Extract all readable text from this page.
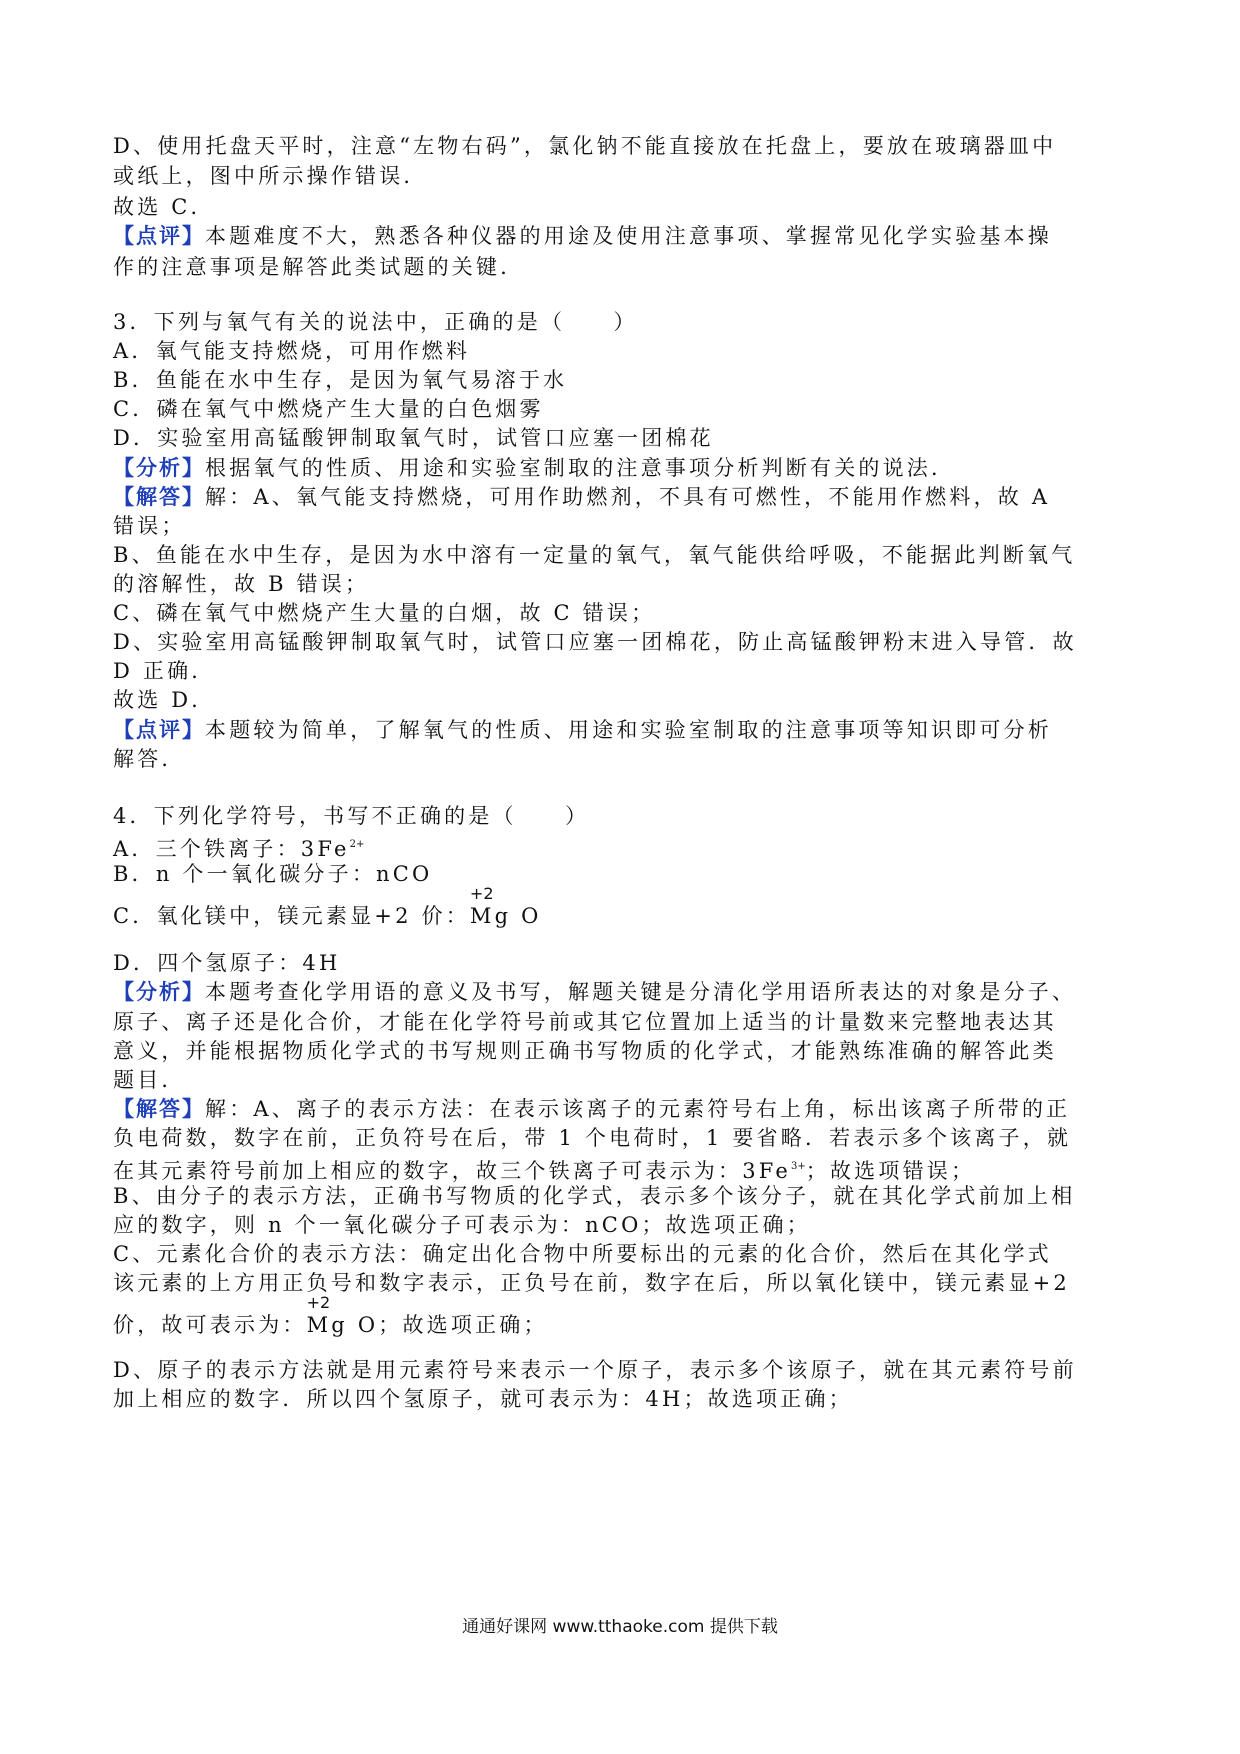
D、使用托盘天平时，注意“左物右码”，氯化钠不能直接放在托盘上，要放在玻璃器皿中
或纸上，图中所示操作错误．
故选 C．
【点评】本题难度不大，熟悉各种仪器的用途及使用注意事项、掌握常见化学实验基本操
作的注意事项是解答此类试题的关键．
3．下列与氧气有关的说法中，正确的是（　　）
A．氧气能支持燃烧，可用作燃料
B．鱼能在水中生存，是因为氧气易溶于水
C．磷在氧气中燃烧产生大量的白色烟雾
D．实验室用高锰酸钾制取氧气时，试管口应塞一团棉花
【分析】根据氧气的性质、用途和实验室制取的注意事项分析判断有关的说法．
【解答】解：A、氧气能支持燃烧，可用作助燃剂，不具有可燃性，不能用作燃料，故 A
错误；
B、鱼能在水中生存，是因为水中溶有一定量的氧气，氧气能供给呼吸，不能据此判断氧气
的溶解性，故 B 错误；
C、磷在氧气中燃烧产生大量的白烟，故 C 错误；
D、实验室用高锰酸钾制取氧气时，试管口应塞一团棉花，防止高锰酸钾粉末进入导管．故
D 正确．
故选 D．
【点评】本题较为简单，了解氧气的性质、用途和实验室制取的注意事项等知识即可分析
解答．
4．下列化学符号，书写不正确的是（　　）
A．三个铁离子：$3Fe^{2+}$
B．n 个一氧化碳分子：nCO
C．氧化镁中，镁元素显+2 价：
+2
Mg O
D．四个氢原子：4H
【分析】本题考查化学用语的意义及书写，解题关键是分清化学用语所表达的对象是分子、
原子、离子还是化合价，才能在化学符号前或其它位置加上适当的计量数来完整地表达其
意义，并能根据物质化学式的书写规则正确书写物质的化学式，才能熟练准确的解答此类
题目．
【解答】解：A、离子的表示方法：在表示该离子的元素符号右上角，标出该离子所带的正
负电荷数，数字在前，正负符号在后，带 1 个电荷时，1 要省略．若表示多个该离子，就
在其元素符号前加上相应的数字，故三个铁离子可表示为：$3Fe^{3+}$；故选项错误；
B、由分子的表示方法，正确书写物质的化学式，表示多个该分子，就在其化学式前加上相
应的数字，则 n 个一氧化碳分子可表示为：nCO；故选项正确；
C、元素化合价的表示方法：确定出化合物中所要标出的元素的化合价，然后在其化学式
该元素的上方用正负号和数字表示，正负号在前，数字在后，所以氧化镁中，镁元素显+2
价，故可表示为：
+2
Mg O；故选项正确；
D、原子的表示方法就是用元素符号来表示一个原子，表示多个该原子，就在其元素符号前
加上相应的数字．所以四个氢原子，就可表示为：4H；故选项正确；
通通好课网 www.tthaoke.com 提供下载
